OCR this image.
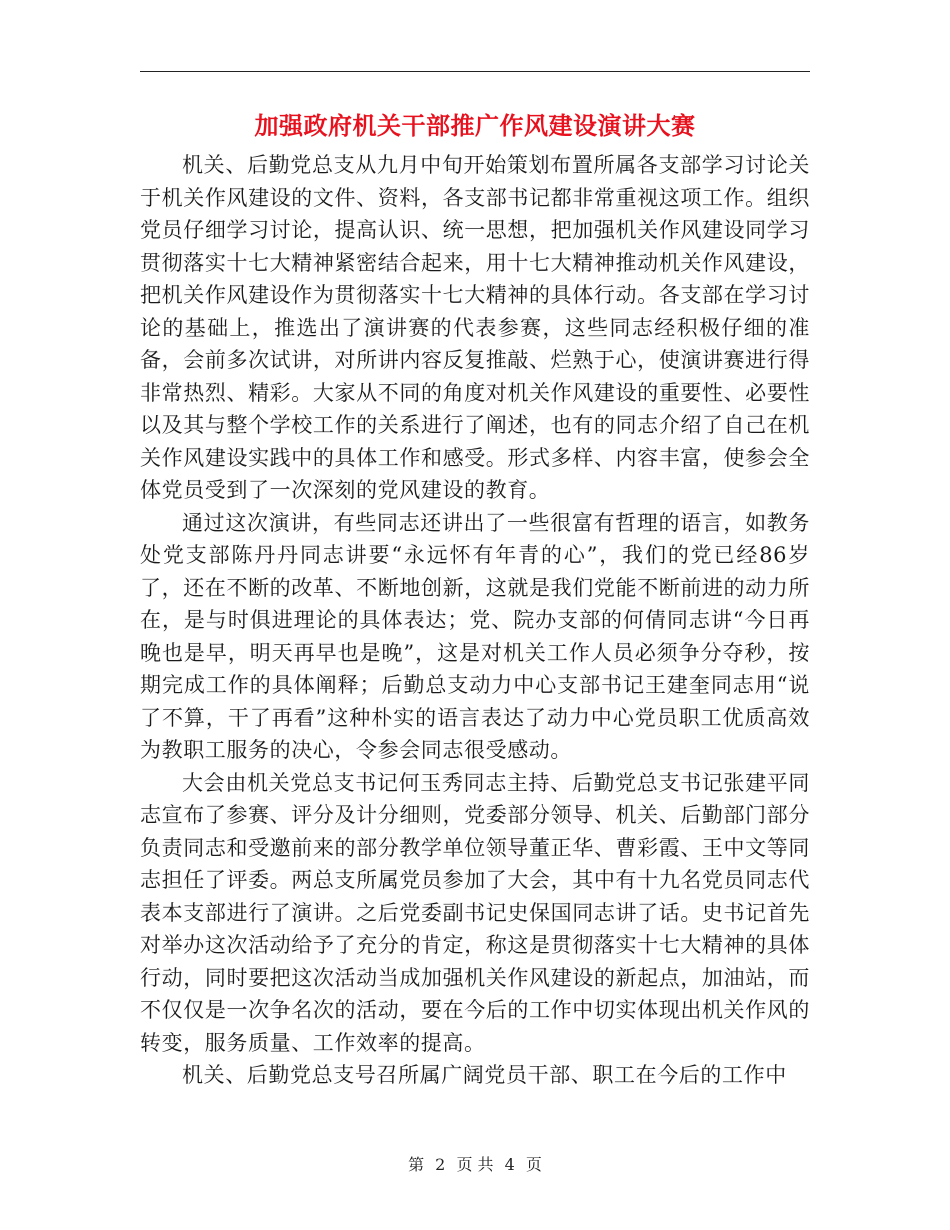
加强政府机关干部推广作风建设演讲大赛

机关、后勤党总支从九月中旬开始策划布置所属各支部学习讨论关于机关作风建设的文件、资料，各支部书记都非常重视这项工作。组织党员仔细学习讨论，提高认识、统一思想，把加强机关作风建设同学习贯彻落实十七大精神紧密结合起来，用十七大精神推动机关作风建设，把机关作风建设作为贯彻落实十七大精神的具体行动。各支部在学习讨论的基础上，推选出了演讲赛的代表参赛，这些同志经积极仔细的准备，会前多次试讲，对所讲内容反复推敲、烂熟于心，使演讲赛进行得非常热烈、精彩。大家从不同的角度对机关作风建设的重要性、必要性以及其与整个学校工作的关系进行了阐述，也有的同志介绍了自己在机关作风建设实践中的具体工作和感受。形式多样、内容丰富，使参会全体党员受到了一次深刻的党风建设的教育。

通过这次演讲，有些同志还讲出了一些很富有哲理的语言，如教务处党支部陈丹丹同志讲要“永远怀有年青的心”，我们的党已经86岁了，还在不断的改革、不断地创新，这就是我们党能不断前进的动力所在，是与时俱进理论的具体表达；党、院办支部的何倩同志讲“今日再晚也是早，明天再早也是晚”，这是对机关工作人员必须争分夺秒，按期完成工作的具体阐释；后勤总支动力中心支部书记王建奎同志用“说了不算，干了再看”这种朴实的语言表达了动力中心党员职工优质高效为教职工服务的决心，令参会同志很受感动。

大会由机关党总支书记何玉秀同志主持、后勤党总支书记张建平同志宣布了参赛、评分及计分细则，党委部分领导、机关、后勤部门部分负责同志和受邀前来的部分教学单位领导董正华、曹彩霞、王中文等同志担任了评委。两总支所属党员参加了大会，其中有十九名党员同志代表本支部进行了演讲。之后党委副书记史保国同志讲了话。史书记首先对举办这次活动给予了充分的肯定，称这是贯彻落实十七大精神的具体行动，同时要把这次活动当成加强机关作风建设的新起点，加油站，而不仅仅是一次争名次的活动，要在今后的工作中切实体现出机关作风的转变，服务质量、工作效率的提高。

机关、后勤党总支号召所属广阔党员干部、职工在今后的工作中

第 2 页 共 4 页
